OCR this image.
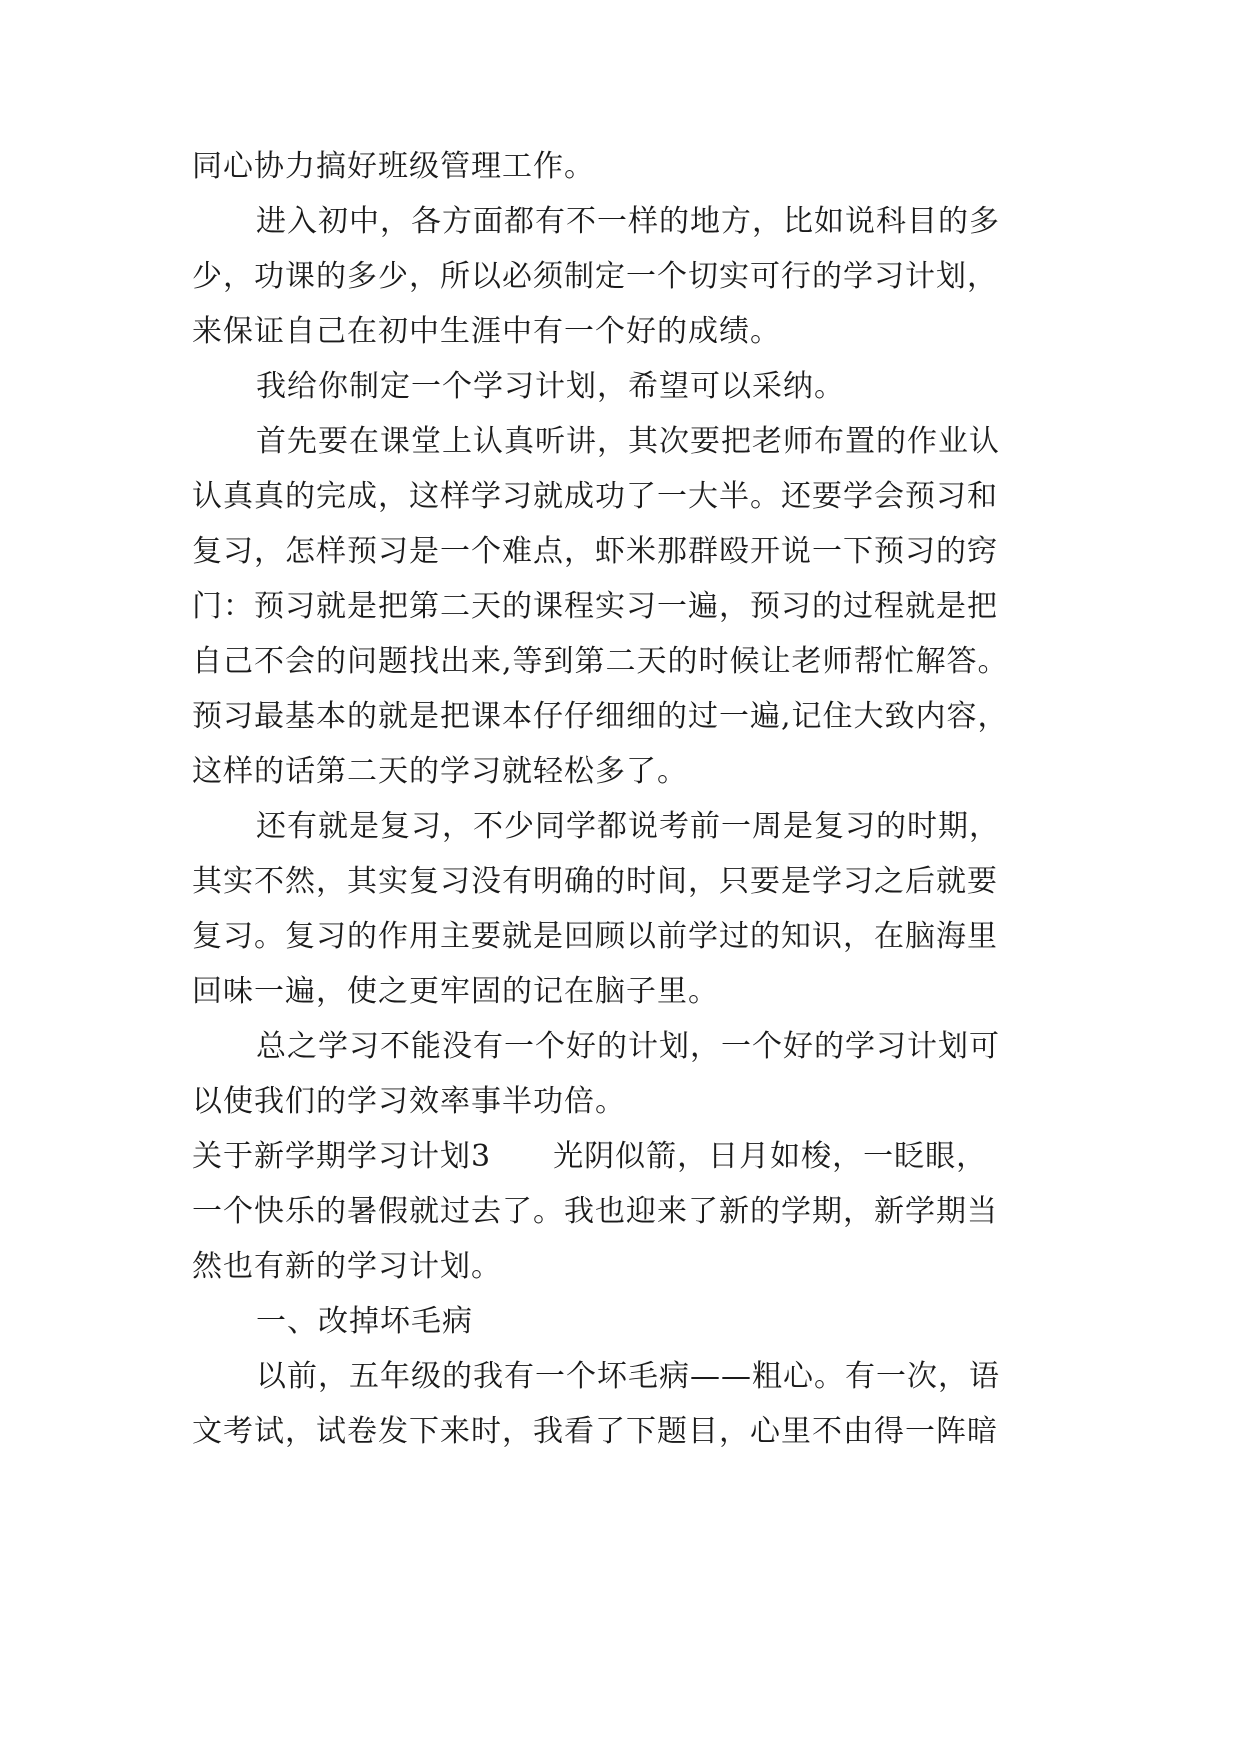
同心协力搞好班级管理工作。
进入初中，各方面都有不一样的地方，比如说科目的多
少，功课的多少，所以必须制定一个切实可行的学习计划，
来保证自己在初中生涯中有一个好的成绩。
我给你制定一个学习计划，希望可以采纳。
首先要在课堂上认真听讲，其次要把老师布置的作业认
认真真的完成，这样学习就成功了一大半。还要学会预习和
复习，怎样预习是一个难点，虾米那群殴开说一下预习的窍
门：预习就是把第二天的课程实习一遍，预习的过程就是把
自己不会的问题找出来,等到第二天的时候让老师帮忙解答。
预习最基本的就是把课本仔仔细细的过一遍,记住大致内容，
这样的话第二天的学习就轻松多了。
还有就是复习，不少同学都说考前一周是复习的时期，
其实不然，其实复习没有明确的时间，只要是学习之后就要
复习。复习的作用主要就是回顾以前学过的知识，在脑海里
回味一遍，使之更牢固的记在脑子里。
总之学习不能没有一个好的计划，一个好的学习计划可
以使我们的学习效率事半功倍。
关于新学期学习计划3　　光阴似箭，日月如梭，一眨眼，
一个快乐的暑假就过去了。我也迎来了新的学期，新学期当
然也有新的学习计划。
一、改掉坏毛病
以前，五年级的我有一个坏毛病——粗心。有一次，语
文考试，试卷发下来时，我看了下题目，心里不由得一阵暗
